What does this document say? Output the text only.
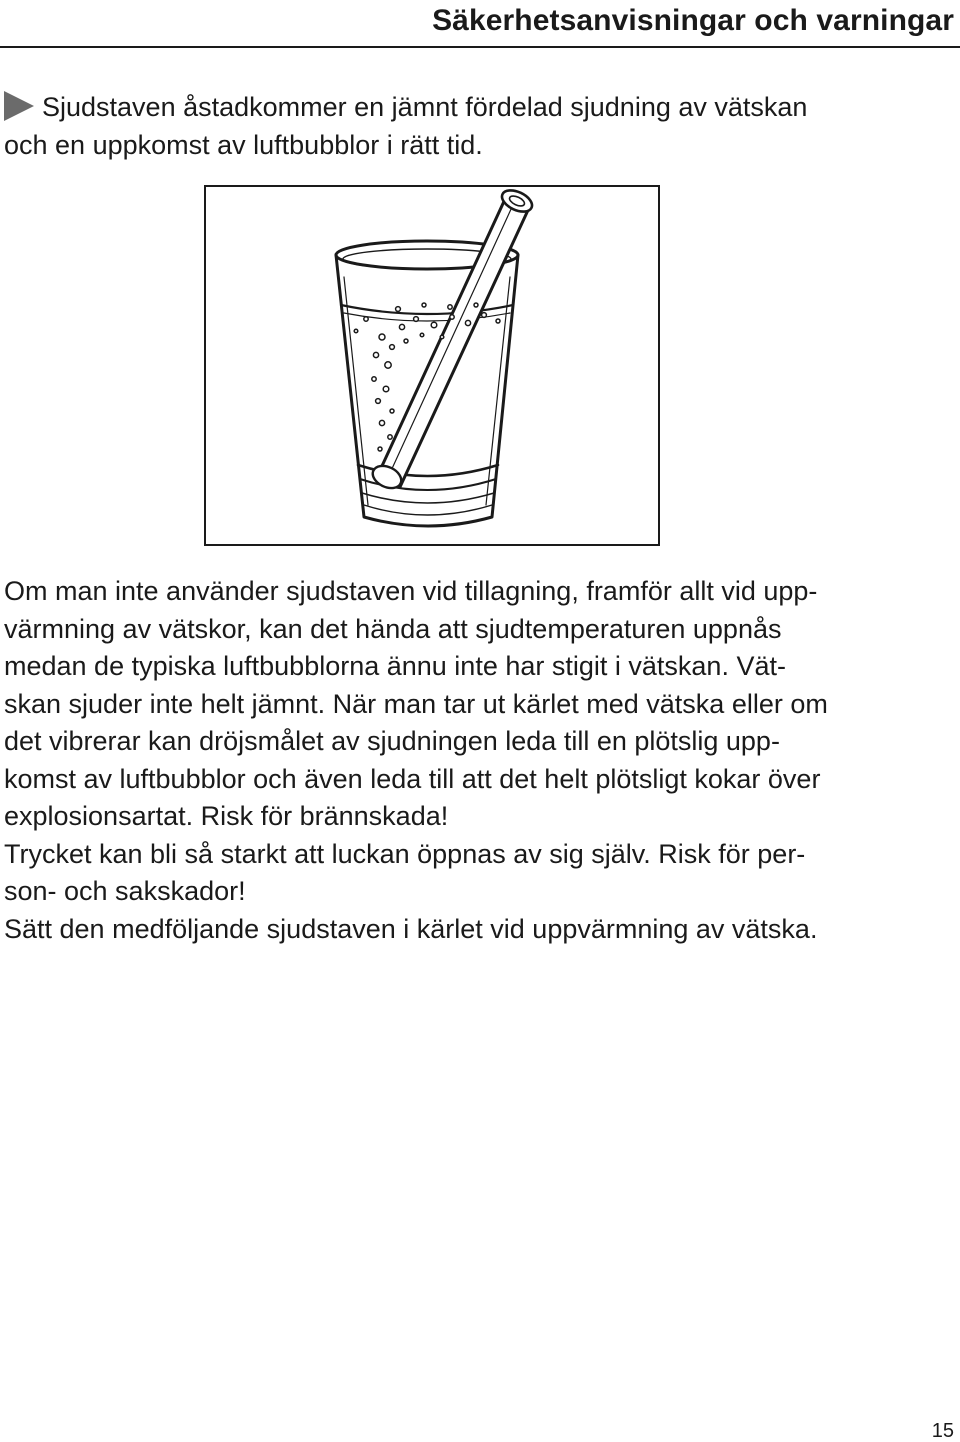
Säkerhetsanvisningar och varningar

Sjudstaven åstadkommer en jämnt fördelad sjudning av vätskan
och en uppkomst av luftbubblor i rätt tid.

Om man inte använder sjudstaven vid tillagning, framför allt vid upp-
värmning av vätskor, kan det hända att sjudtemperaturen uppnås
medan de typiska luftbubblorna ännu inte har stigit i vätskan. Vät-
skan sjuder inte helt jämnt. När man tar ut kärlet med vätska eller om
det vibrerar kan dröjsmålet av sjudningen leda till en plötslig upp-
komst av luftbubblor och även leda till att det helt plötsligt kokar över
explosionsartat. Risk för brännskada!
Trycket kan bli så starkt att luckan öppnas av sig själv. Risk för per-
son- och sakskador!
Sätt den medföljande sjudstaven i kärlet vid uppvärmning av vätska.

15
